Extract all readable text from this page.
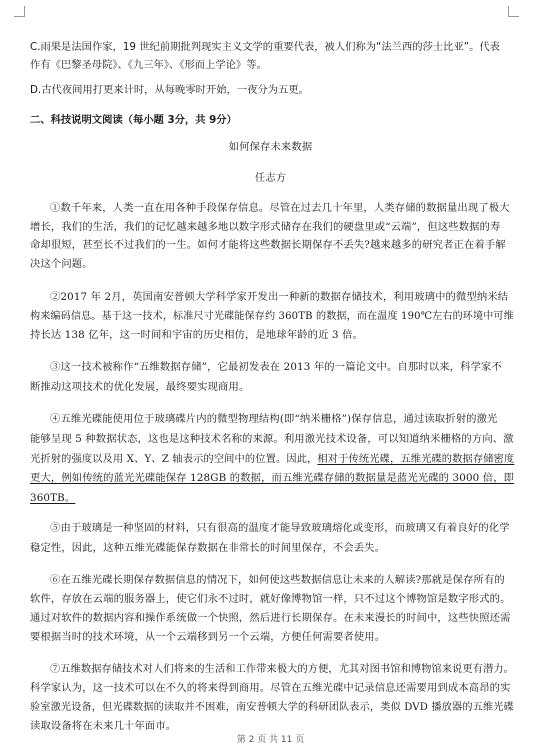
C.雨果是法国作家，19 世纪前期批判现实主义文学的重要代表，被人们称为“法兰西的莎士比亚”。代表
作有《巴黎圣母院》、《九三年》、《形而上学论》等。
D.古代夜间用打更来计时，从每晚零时开始，一夜分为五更。
二、科技说明文阅读（每小题 3分，共 9分）
如何保存未来数据
任志方
①数千年来，人类一直在用各种手段保存信息。尽管在过去几十年里，人类存储的数据量出现了极大
增长，我们的生活，我们的记忆越来越多地以数字形式储存在我们的硬盘里或“云端”，但这些数据的寿
命却很短，甚至长不过我们的一生。如何才能将这些数据长期保存不丢失?越来越多的研究者正在着手解
决这个问题。
②2017 年 2月，英国南安普顿大学科学家开发出一种新的数据存储技术，利用玻璃中的微型纳米结
构来编码信息。基于这一技术，标准尺寸光碟能保存约 360TB 的数据，而在温度 190℃左右的环境中可维
持长达 138 亿年，这一时间和宇宙的历史相仿，是地球年龄的近 3 倍。
③这一技术被称作“五维数据存储”，它最初发表在 2013 年的一篇论文中。自那时以来，科学家不
断推动这项技术的优化发展，最终要实现商用。
④五维光碟能使用位于玻璃碟片内的微型物理结构(即“纳米栅格”)保存信息，通过读取折射的激光
能够呈现 5 种数据状态，这也是这种技术名称的来源。利用激光技术设备，可以知道纳米栅格的方向、激
光折射的强度以及用 X、Y、Z 轴表示的空间中的位置。因此，相对于传统光碟，五维光碟的数据存储密度
更大，例如传统的蓝光光碟能保存 128GB 的数据，而五维光碟存储的数据量是蓝光光碟的 3000 倍，即
360TB。
⑤由于玻璃是一种坚固的材料，只有很高的温度才能导致玻璃熔化或变形，而玻璃又有着良好的化学
稳定性，因此，这种五维光碟能保存数据在非常长的时间里保存，不会丢失。
⑥在五维光碟长期保存数据信息的情况下，如何使这些数据信息让未来的人解读?那就是保存所有的
软件，存放在云端的服务器上，使它们永不过时，就好像博物馆一样，只不过这个博物馆是数字形式的。
通过对软件的数据内容和操作系统做一个快照，然后进行长期保存。在未来漫长的时间中，这些快照还需
要根据当时的技术环境，从一个云端移到另一个云端，方便任何需要者使用。
⑦五维数据存储技术对人们将来的生活和工作带来极大的方便，尤其对图书馆和博物馆来说更有潜力。
科学家认为，这一技术可以在不久的将来得到商用。尽管在五维光碟中记录信息还需要用到成本高昂的实
验室激光设备，但光碟数据的读取并不困难，南安普顿大学的科研团队表示，类似 DVD 播放器的五维光碟
读取设备将在未来几十年面市。
第 2 页 共 11 页
